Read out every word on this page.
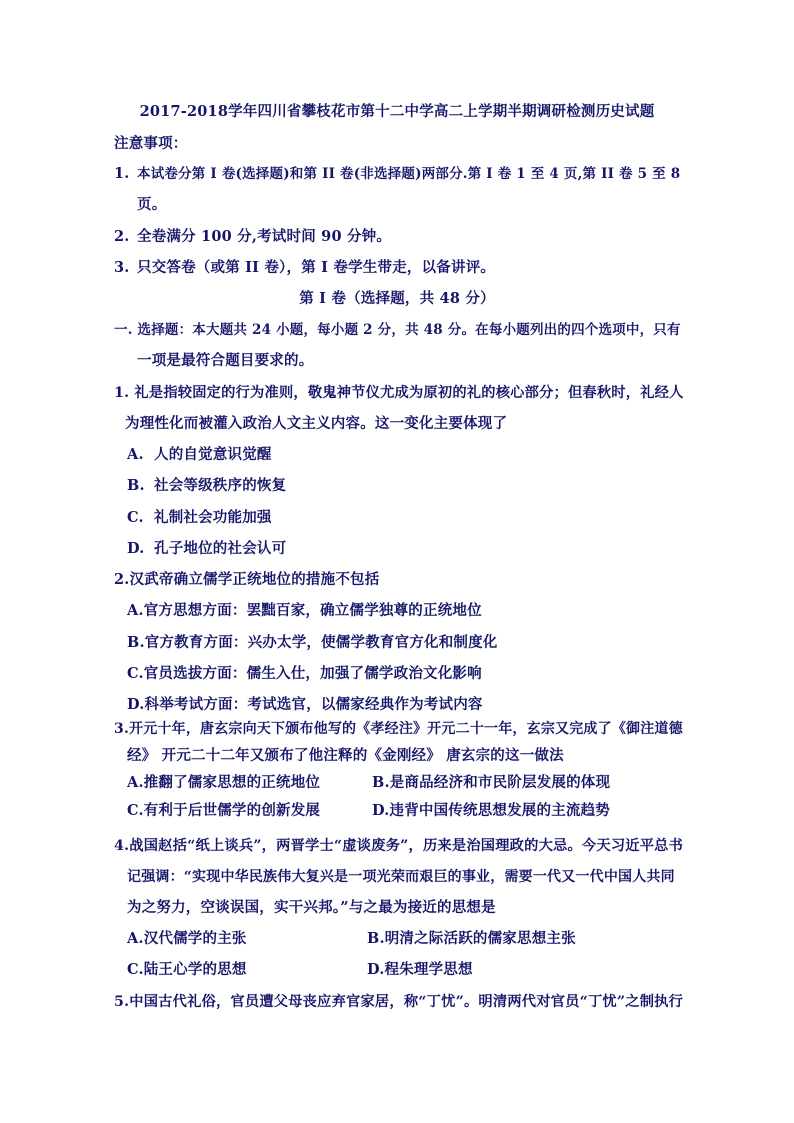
2017-2018学年四川省攀枝花市第十二中学高二上学期半期调研检测历史试题
注意事项：
1. 本试卷分第 I 卷(选择题)和第 II 卷(非选择题)两部分.第 I 卷 1 至 4 页,第 II 卷 5 至 8
页。
2. 全卷满分 100 分,考试时间 90 分钟。
3. 只交答卷（或第 II 卷），第 I 卷学生带走，以备讲评。
第 I 卷（选择题，共 48 分）
一. 选择题：本大题共 24 小题，每小题 2 分，共 48 分。在每小题列出的四个选项中，只有
一项是最符合题目要求的。
1. 礼是指较固定的行为准则，敬鬼神节仪尤成为原初的礼的核心部分；但春秋时，礼经人
为理性化而被灌入政治人文主义内容。这一变化主要体现了
A. 人的自觉意识觉醒
B. 社会等级秩序的恢复
C. 礼制社会功能加强
D. 孔子地位的社会认可
2.汉武帝确立儒学正统地位的措施不包括
A.官方思想方面：罢黜百家，确立儒学独尊的正统地位
B.官方教育方面：兴办太学，使儒学教育官方化和制度化
C.官员选拔方面：儒生入仕，加强了儒学政治文化影响
D.科举考试方面：考试选官，以儒家经典作为考试内容
3.开元十年，唐玄宗向天下颁布他写的《孝经注》开元二十一年，玄宗又完成了《御注道德
经》 开元二十二年又颁布了他注释的《金刚经》 唐玄宗的这一做法
A.推翻了儒家思想的正统地位	B.是商品经济和市民阶层发展的体现
C.有利于后世儒学的创新发展	D.违背中国传统思想发展的主流趋势
4.战国赵括“纸上谈兵”，两晋学士“虚谈废务”，历来是治国理政的大忌。今天习近平总书
记强调：“实现中华民族伟大复兴是一项光荣而艰巨的事业，需要一代又一代中国人共同
为之努力，空谈误国，实干兴邦。”与之最为接近的思想是
A.汉代儒学的主张	B.明清之际活跃的儒家思想主张
C.陆王心学的思想	D.程朱理学思想
5.中国古代礼俗，官员遭父母丧应弃官家居，称“丁忧”。明清两代对官员“丁忧”之制执行
